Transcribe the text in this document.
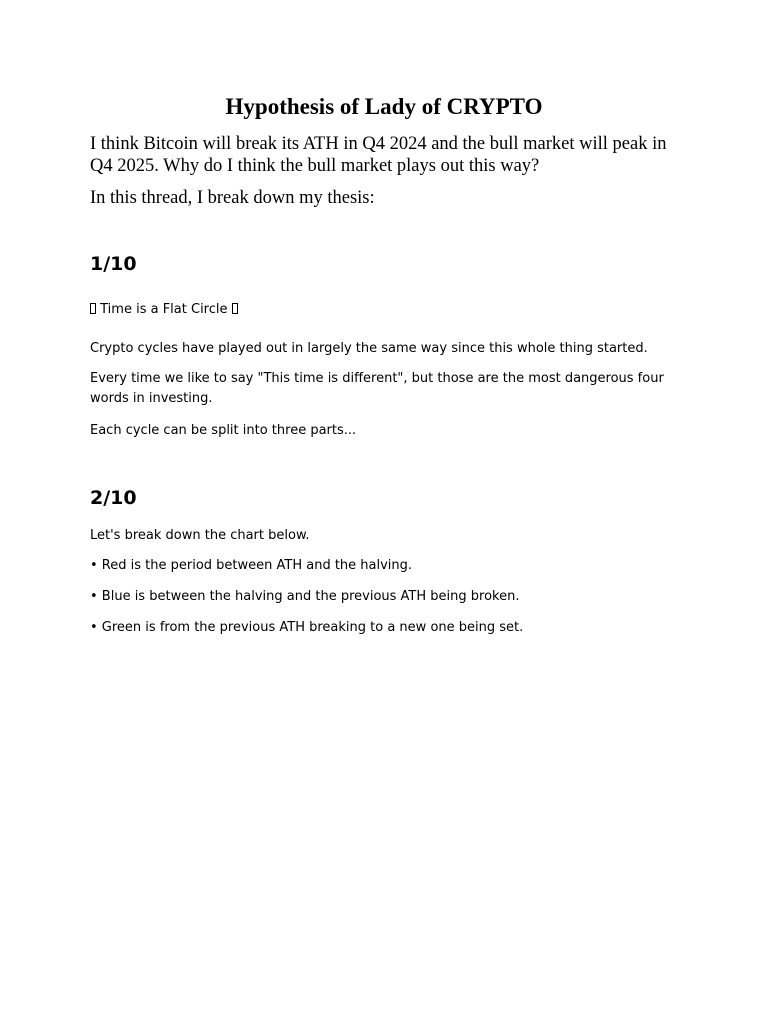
Hypothesis of Lady of CRYPTO

I think Bitcoin will break its ATH in Q4 2024 and the bull market will peak in Q4 2025. Why do I think the bull market plays out this way?

In this thread, I break down my thesis:

1/10

Time is a Flat Circle

Crypto cycles have played out in largely the same way since this whole thing started.

Every time we like to say "This time is different", but those are the most dangerous four words in investing.

Each cycle can be split into three parts...

2/10

Let's break down the chart below.

• Red is the period between ATH and the halving.

• Blue is between the halving and the previous ATH being broken.

• Green is from the previous ATH breaking to a new one being set.
